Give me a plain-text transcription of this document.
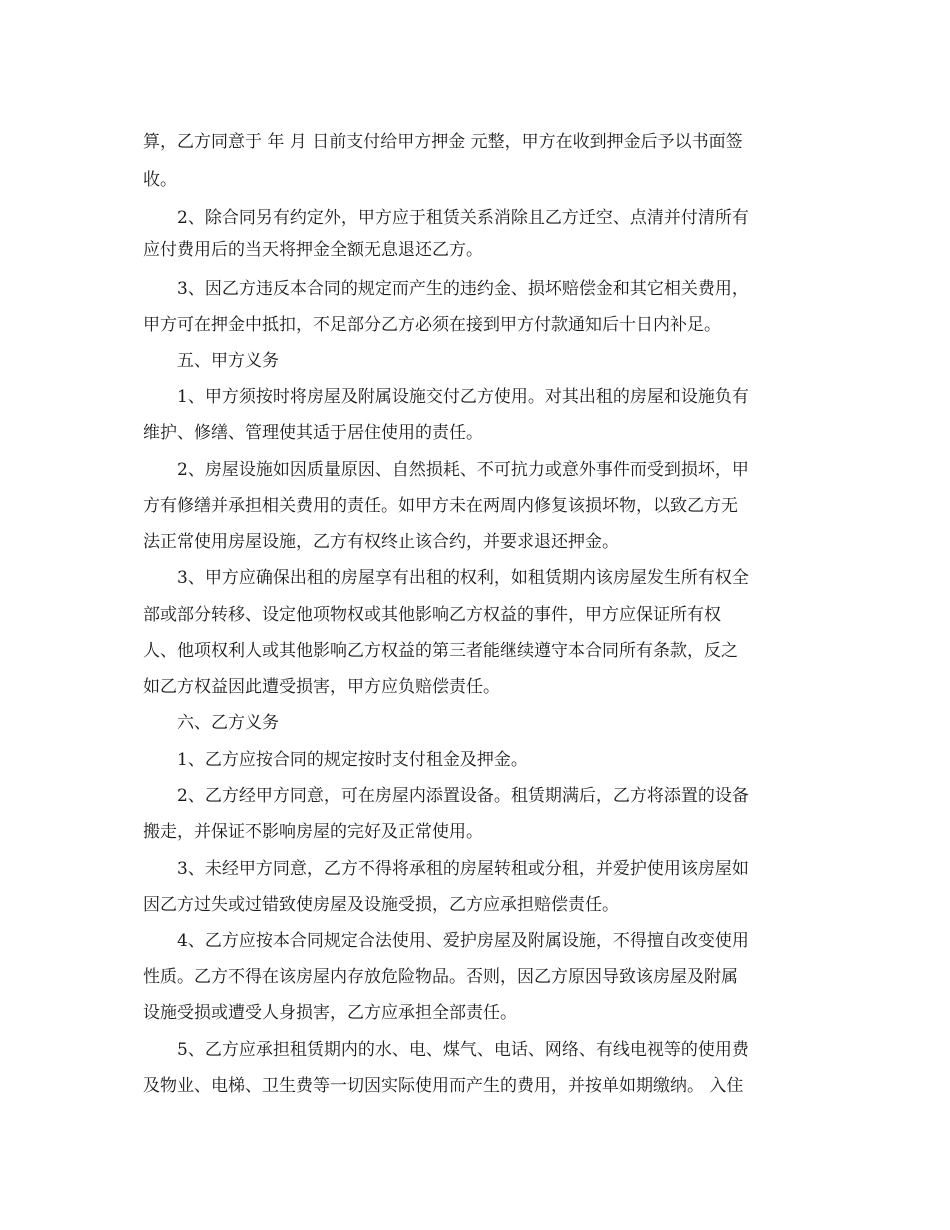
算，乙方同意于 年 月 日前支付给甲方押金 元整，甲方在收到押金后予以书面签
收。
2、除合同另有约定外，甲方应于租赁关系消除且乙方迁空、点清并付清所有
应付费用后的当天将押金全额无息退还乙方。
3、因乙方违反本合同的规定而产生的违约金、损坏赔偿金和其它相关费用，
甲方可在押金中抵扣，不足部分乙方必须在接到甲方付款通知后十日内补足。
五、甲方义务
1、甲方须按时将房屋及附属设施交付乙方使用。对其出租的房屋和设施负有
维护、修缮、管理使其适于居住使用的责任。
2、房屋设施如因质量原因、自然损耗、不可抗力或意外事件而受到损坏，甲
方有修缮并承担相关费用的责任。如甲方未在两周内修复该损坏物，以致乙方无
法正常使用房屋设施，乙方有权终止该合约，并要求退还押金。
3、甲方应确保出租的房屋享有出租的权利，如租赁期内该房屋发生所有权全
部或部分转移、设定他项物权或其他影响乙方权益的事件，甲方应保证所有权
人、他项权利人或其他影响乙方权益的第三者能继续遵守本合同所有条款，反之
如乙方权益因此遭受损害，甲方应负赔偿责任。
六、乙方义务
1、乙方应按合同的规定按时支付租金及押金。
2、乙方经甲方同意，可在房屋内添置设备。租赁期满后，乙方将添置的设备
搬走，并保证不影响房屋的完好及正常使用。
3、未经甲方同意，乙方不得将承租的房屋转租或分租，并爱护使用该房屋如
因乙方过失或过错致使房屋及设施受损，乙方应承担赔偿责任。
4、乙方应按本合同规定合法使用、爱护房屋及附属设施，不得擅自改变使用
性质。乙方不得在该房屋内存放危险物品。否则，因乙方原因导致该房屋及附属
设施受损或遭受人身损害，乙方应承担全部责任。
5、乙方应承担租赁期内的水、电、煤气、电话、网络、有线电视等的使用费
及物业、电梯、卫生费等一切因实际使用而产生的费用，并按单如期缴纳。 入住
